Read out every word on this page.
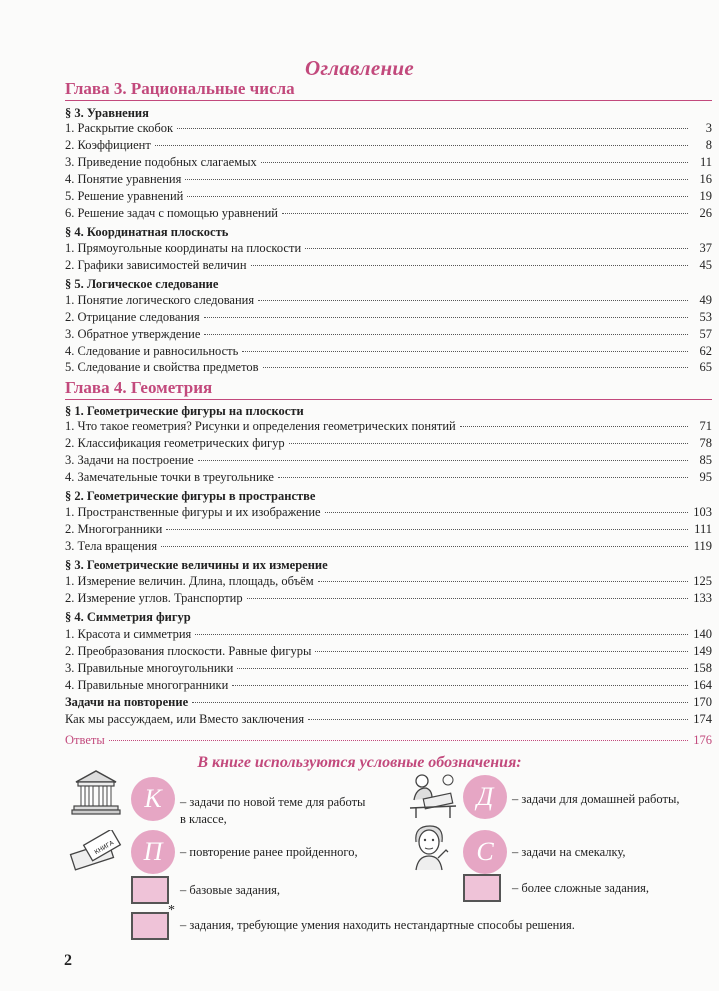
Оглавление
Глава 3. Рациональные числа
§ 3. Уравнения
1. Раскрытие скобок	3
2. Коэффициент	8
3. Приведение подобных слагаемых	11
4. Понятие уравнения	16
5. Решение уравнений	19
6. Решение задач с помощью уравнений	26
§ 4. Координатная плоскость
1. Прямоугольные координаты на плоскости	37
2. Графики зависимостей величин	45
§ 5. Логическое следование
1. Понятие логического следования	49
2. Отрицание следования	53
3. Обратное утверждение	57
4. Следование и равносильность	62
5. Следование и свойства предметов	65
Глава 4. Геометрия
§ 1. Геометрические фигуры на плоскости
1. Что такое геометрия? Рисунки и определения геометрических понятий	71
2. Классификация геометрических фигур	78
3. Задачи на построение	85
4. Замечательные точки в треугольнике	95
§ 2. Геометрические фигуры в пространстве
1. Пространственные фигуры и их изображение	103
2. Многогранники	111
3. Тела вращения	119
§ 3. Геометрические величины и их измерение
1. Измерение величин. Длина, площадь, объём	125
2. Измерение углов. Транспортир	133
§ 4. Симметрия фигур
1. Красота и симметрия	140
2. Преобразования плоскости. Равные фигуры	149
3. Правильные многоугольники	158
4. Правильные многогранники	164
Задачи на повторение	170
Как мы рассуждаем, или Вместо заключения	174
Ответы	176
В книге используются условные обозначения:
К – задачи по новой теме для работы в классе,
Д – задачи для домашней работы,
КНИГА П – повторение ранее пройденного,	С – задачи на смекалку,
– базовые задания,	– более сложные задания,
*
– задания, требующие умения находить нестандартные способы решения.
2
